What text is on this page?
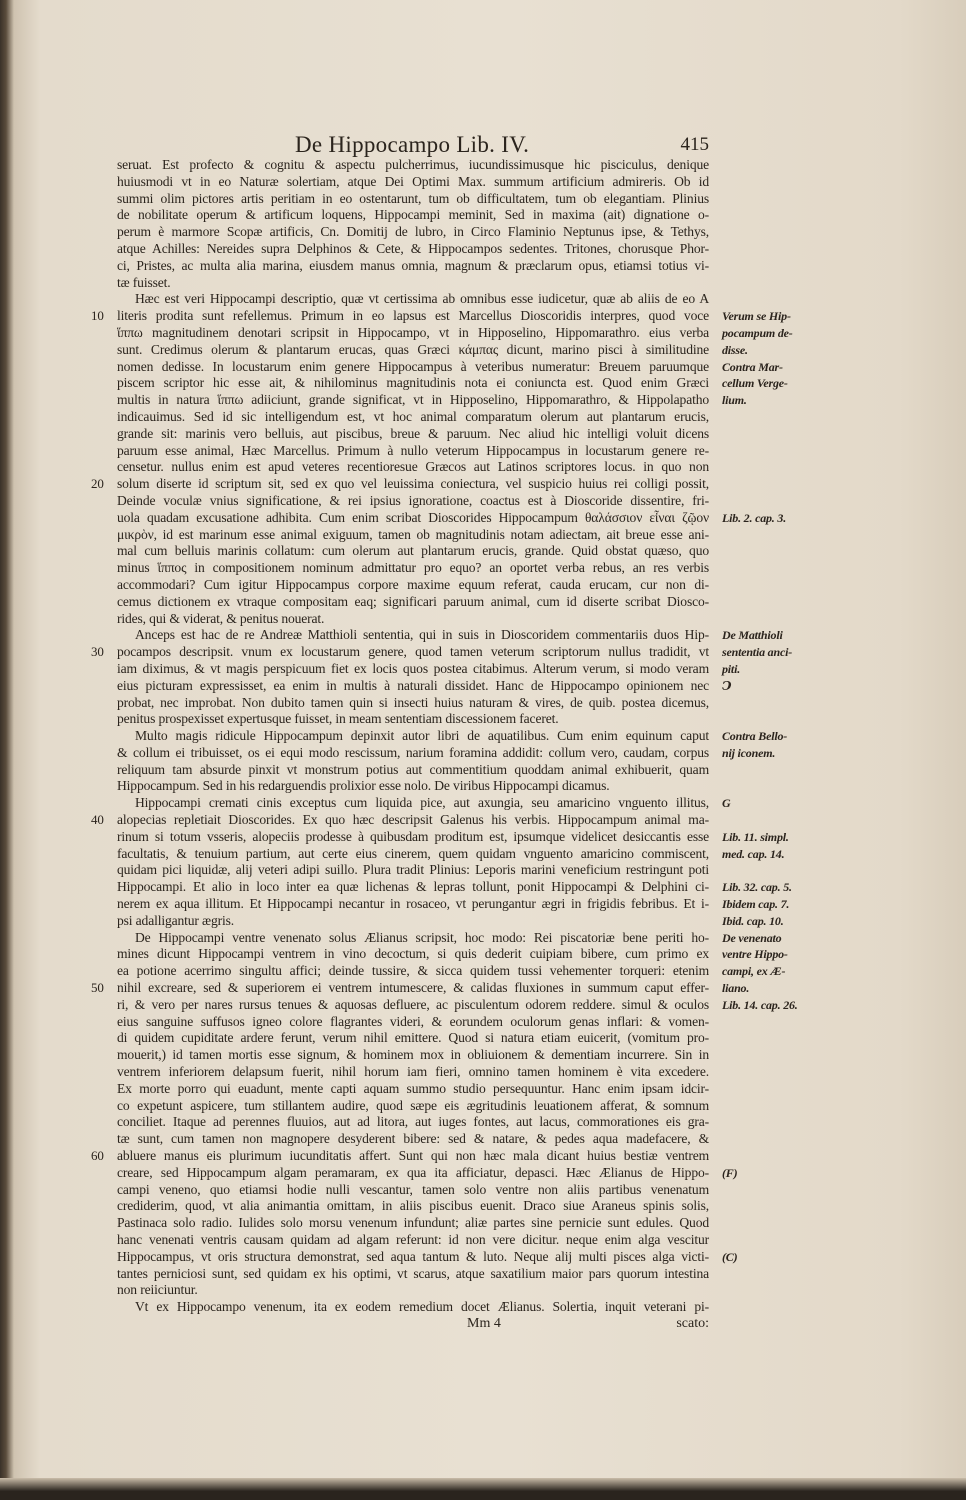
De Hippocampo Lib. IV.	415
seruat. Est profecto & cognitu & aspectu pulcherrimus, iucundissimusque hic pisciculus, denique
huiusmodi vt in eo Naturæ solertiam, atque Dei Optimi Max. summum artificium admireris. Ob id
summi olim pictores artis peritiam in eo ostentarunt, tum ob difficultatem, tum ob elegantiam. Plinius
de nobilitate operum & artificum loquens, Hippocampi meminit, Sed in maxima (ait) dignatione o-
perum è marmore Scopæ artificis, Cn. Domitij de lubro, in Circo Flaminio Neptunus ipse, & Tethys,
atque Achilles: Nereides supra Delphinos & Cete, & Hippocampos sedentes. Tritones, chorusque Phor-
ci, Pristes, ac multa alia marina, eiusdem manus omnia, magnum & præclarum opus, etiamsi totius vi-
tæ fuisset.
Hæc est veri Hippocampi descriptio, quæ vt certissima ab omnibus esse iudicetur, quæ ab aliis de eo A
literis prodita sunt refellemus. Primum in eo lapsus est Marcellus Dioscoridis interpres, quod voce
10	Verum se Hip-
ἵππω magnitudinem denotari scripsit in Hippocampo, vt in Hipposelino, Hippomarathro. eius verba pocampum de-
sunt. Credimus olerum & plantarum erucas, quas Græci κάμπας dicunt, marino pisci à similitudine disse.
nomen dedisse. In locustarum enim genere Hippocampus à veteribus numeratur: Breuem paruumque Contra Mar-
piscem scriptor hic esse ait, & nihilominus magnitudinis nota ei coniuncta est. Quod enim Græci cellum Verge-
multis in natura ἵππω adiiciunt, grande significat, vt in Hipposelino, Hippomarathro, & Hippolapatho lium.
indicauimus. Sed id sic intelligendum est, vt hoc animal comparatum olerum aut plantarum erucis,
grande sit: marinis vero belluis, aut piscibus, breue & paruum. Nec aliud hic intelligi voluit dicens
paruum esse animal, Hæc Marcellus. Primum à nullo veterum Hippocampus in locustarum genere re-
censetur. nullus enim est apud veteres recentioresue Græcos aut Latinos scriptores locus. in quo non
solum diserte id scriptum sit, sed ex quo vel leuissima coniectura, vel suspicio huius rei colligi possit,
20
Deinde voculæ vnius significatione, & rei ipsius ignoratione, coactus est à Dioscoride dissentire, fri-
uola quadam excusatione adhibita. Cum enim scribat Dioscorides Hippocampum θαλάσσιον εἶναι ζῷον Lib. 2. cap. 3.
μικρὸν, id est marinum esse animal exiguum, tamen ob magnitudinis notam adiectam, ait breue esse ani-
mal cum belluis marinis collatum: cum olerum aut plantarum erucis, grande. Quid obstat quæso, quo
minus ἵππος in compositionem nominum admittatur pro equo? an oportet verba rebus, an res verbis
accommodari? Cum igitur Hippocampus corpore maxime equum referat, cauda erucam, cur non di-
cemus dictionem ex vtraque compositam eaq; significari paruum animal, cum id diserte scribat Diosco-
rides, qui & viderat, & penitus nouerat.
Anceps est hac de re Andreæ Matthioli sententia, qui in suis in Dioscoridem commentariis duos Hip- De Matthioli
pocampos descripsit. vnum ex locustarum genere, quod tamen veterum scriptorum nullus tradidit, vt
30	sententia anci-
iam diximus, & vt magis perspicuum fiet ex locis quos postea citabimus. Alterum verum, si modo veram piti.
eius picturam expressisset, ea enim in multis à naturali dissidet. Hanc de Hippocampo opinionem nec Ↄ
probat, nec improbat. Non dubito tamen quin si insecti huius naturam & vires, de quib. postea dicemus,
penitus prospexisset expertusque fuisset, in meam sententiam discessionem faceret.
Multo magis ridicule Hippocampum depinxit autor libri de aquatilibus. Cum enim equinum caput Contra Bello-
& collum ei tribuisset, os ei equi modo rescissum, narium foramina addidit: collum vero, caudam, corpus nij iconem.
reliquum tam absurde pinxit vt monstrum potius aut commentitium quoddam animal exhibuerit, quam
Hippocampum. Sed in his redarguendis prolixior esse nolo. De viribus Hippocampi dicamus.
Hippocampi cremati cinis exceptus cum liquida pice, aut axungia, seu amaricino vnguento illitus, G
alopecias repletiait Dioscorides. Ex quo hæc descripsit Galenus his verbis. Hippocampum animal ma-
40
rinum si totum vsseris, alopeciis prodesse à quibusdam proditum est, ipsumque videlicet desiccantis esse Lib. 11. simpl.
facultatis, & tenuium partium, aut certe eius cinerem, quem quidam vnguento amaricino commiscent, med. cap. 14.
quidam pici liquidæ, alij veteri adipi suillo. Plura tradit Plinius: Leporis marini veneficium restringunt poti
Hippocampi. Et alio in loco inter ea quæ lichenas & lepras tollunt, ponit Hippocampi & Delphini ci- Lib. 32. cap. 5.
nerem ex aqua illitum. Et Hippocampi necantur in rosaceo, vt perungantur ægri in frigidis febribus. Et i- Ibidem cap. 7.
psi adalligantur ægris.	Ibid. cap. 10.
De Hippocampi ventre venenato solus Ælianus scripsit, hoc modo: Rei piscatoriæ bene periti ho- De venenato
mines dicunt Hippocampi ventrem in vino decoctum, si quis dederit cuipiam bibere, cum primo ex ventre Hippo-
ea potione acerrimo singultu affici; deinde tussire, & sicca quidem tussi vehementer torqueri: etenim campi, ex Æ-
nihil excreare, sed & superiorem ei ventrem intumescere, & calidas fluxiones in summum caput effer-
50	liano.
ri, & vero per nares rursus tenues & aquosas defluere, ac pisculentum odorem reddere. simul & oculos Lib. 14. cap. 26.
eius sanguine suffusos igneo colore flagrantes videri, & eorundem oculorum genas inflari: & vomen-
di quidem cupiditate ardere ferunt, verum nihil emittere. Quod si natura etiam euicerit, (vomitum pro-
mouerit,) id tamen mortis esse signum, & hominem mox in obliuionem & dementiam incurrere. Sin in
ventrem inferiorem delapsum fuerit, nihil horum iam fieri, omnino tamen hominem è vita excedere.
Ex morte porro qui euadunt, mente capti aquam summo studio persequuntur. Hanc enim ipsam idcir-
co expetunt aspicere, tum stillantem audire, quod sæpe eis ægritudinis leuationem afferat, & somnum
conciliet. Itaque ad perennes fluuios, aut ad litora, aut iuges fontes, aut lacus, commorationes eis gra-
tæ sunt, cum tamen non magnopere desyderent bibere: sed & natare, & pedes aqua madefacere, &
abluere manus eis plurimum iucunditatis affert. Sunt qui non hæc mala dicant huius bestiæ ventrem
60
creare, sed Hippocampum algam peramaram, ex qua ita afficiatur, depasci. Hæc Ælianus de Hippo- (F)
campi veneno, quo etiamsi hodie nulli vescantur, tamen solo ventre non aliis partibus venenatum
crediderim, quod, vt alia animantia omittam, in aliis piscibus euenit. Draco siue Araneus spinis solis,
Pastinaca solo radio. Iulides solo morsu venenum infundunt; aliæ partes sine pernicie sunt edules. Quod
hanc venenati ventris causam quidam ad algam referunt: id non vere dicitur. neque enim alga vescitur
Hippocampus, vt oris structura demonstrat, sed aqua tantum & luto. Neque alij multi pisces alga victi- (C)
tantes perniciosi sunt, sed quidam ex his optimi, vt scarus, atque saxatilium maior pars quorum intestina
non reiiciuntur.
Vt ex Hippocampo venenum, ita ex eodem remedium docet Ælianus. Solertia, inquit veterani pi-
Mm 4	scato:
